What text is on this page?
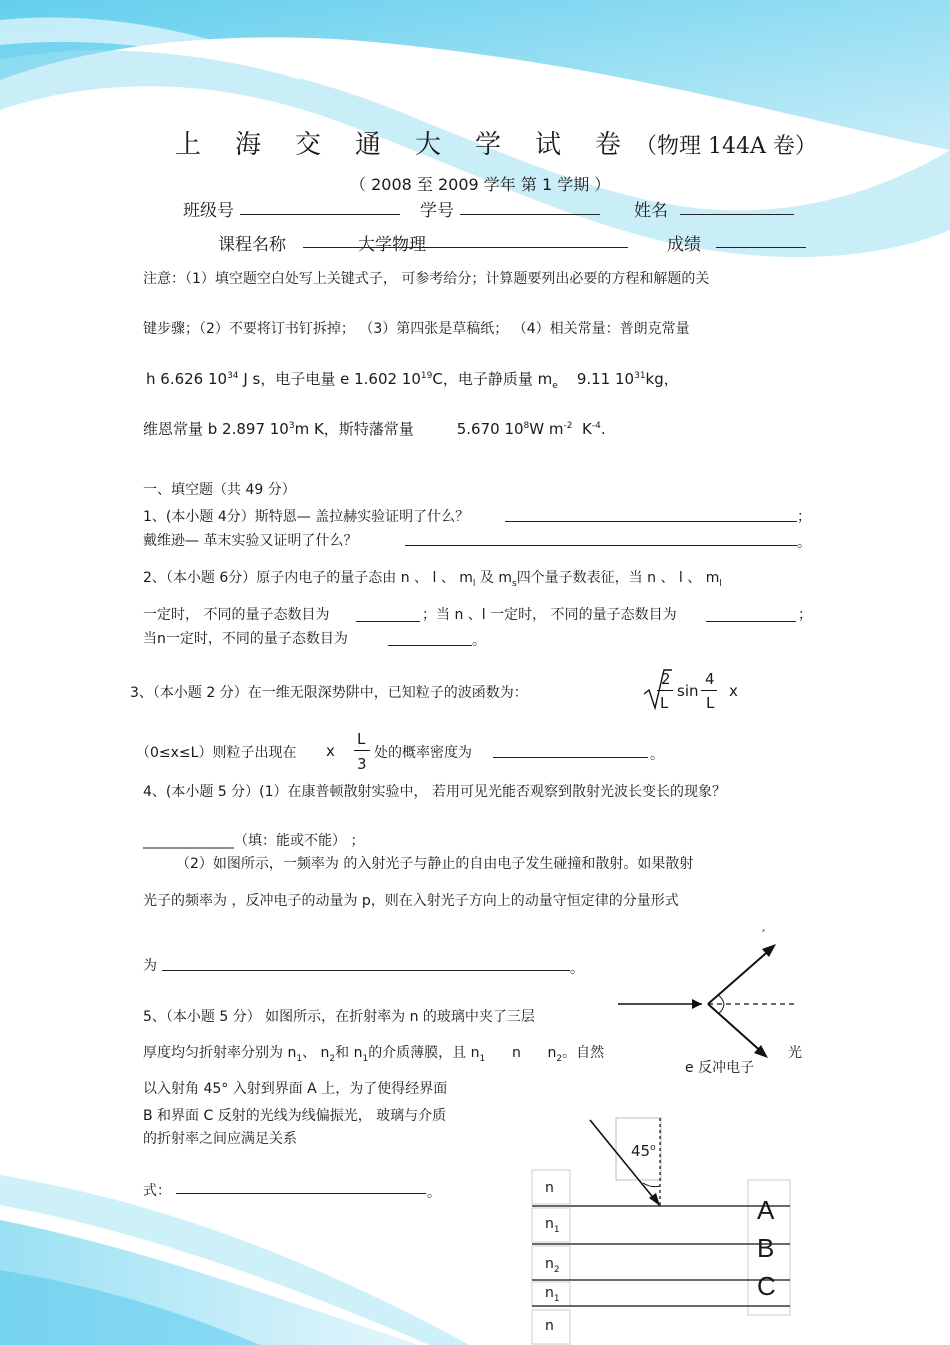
上 海 交 通 大 学 试 卷 （物理 144A 卷）
（ 2008 至 2009 学年 第 1 学期 ）
班级号	学号	姓名
课程名称	大学物理	成绩
注意：（1）填空题空白处写上关键式子， 可参考给分；计算题要列出必要的方程和解题的关
键步骤；（2）不要将订书钉拆掉； （3）第四张是草稿纸； （4）相关常量：普朗克常量
h 6.626 $10^{34}$ J s，电子电量 e 1.602 $10^{19}C$，电子静质量 $m_e$ 9.11 $10^{31}kg$，
维恩常量 b 2.897 $10^3m$ K，斯特藩常量	5.670 $10^8W$ $m^{-2}$ $K^{-4}$.
一、填空题（共 49 分）
1、(本小题 4分）斯特恩— 盖拉赫实验证明了什么？	；
戴维逊— 革末实验又证明了什么？	。
2、（本小题 6分）原子内电子的量子态由 n 、 l 、 $m_l$ 及 $m_s$四个量子数表征，当 n 、 l 、 $m_l$
一定时， 不同的量子态数目为	；当 n 、l 一定时， 不同的量子态数目为	；
当n一定时，不同的量子态数目为	。
3、（本小题 2 分）在一维无限深势阱中，已知粒子的波函数为：
2
L
sin
4
L
x
（0≤x≤L）则粒子出现在 x
L
3
处的概率密度为	。
4、(本小题 5 分）(1）在康普顿散射实验中， 若用可见光能否观察到散射光波长变长的现象？
_____________（填：能或不能） ；
（2）如图所示，一频率为 的入射光子与静止的自由电子发生碰撞和散射。如果散射
光子的频率为 ，反冲电子的动量为 p，则在入射光子方向上的动量守恒定律的分量形式
为	。
5、（本小题 5 分） 如图所示，在折射率为 n 的玻璃中夹了三层
厚度均匀折射率分别为 $n_1$、 $n_2$和 $n_1$的介质薄膜，且 $n_1$ n $n_2$。自然
以入射角 45° 入射到界面 A 上，为了使得经界面
B 和界面 C 反射的光线为线偏振光， 玻璃与介质
的折射率之间应满足关系
式：	。
′
光
e 反冲电子
45$^o$
n
$n_1$
$n_2$
$n_1$
n
A
B
C
